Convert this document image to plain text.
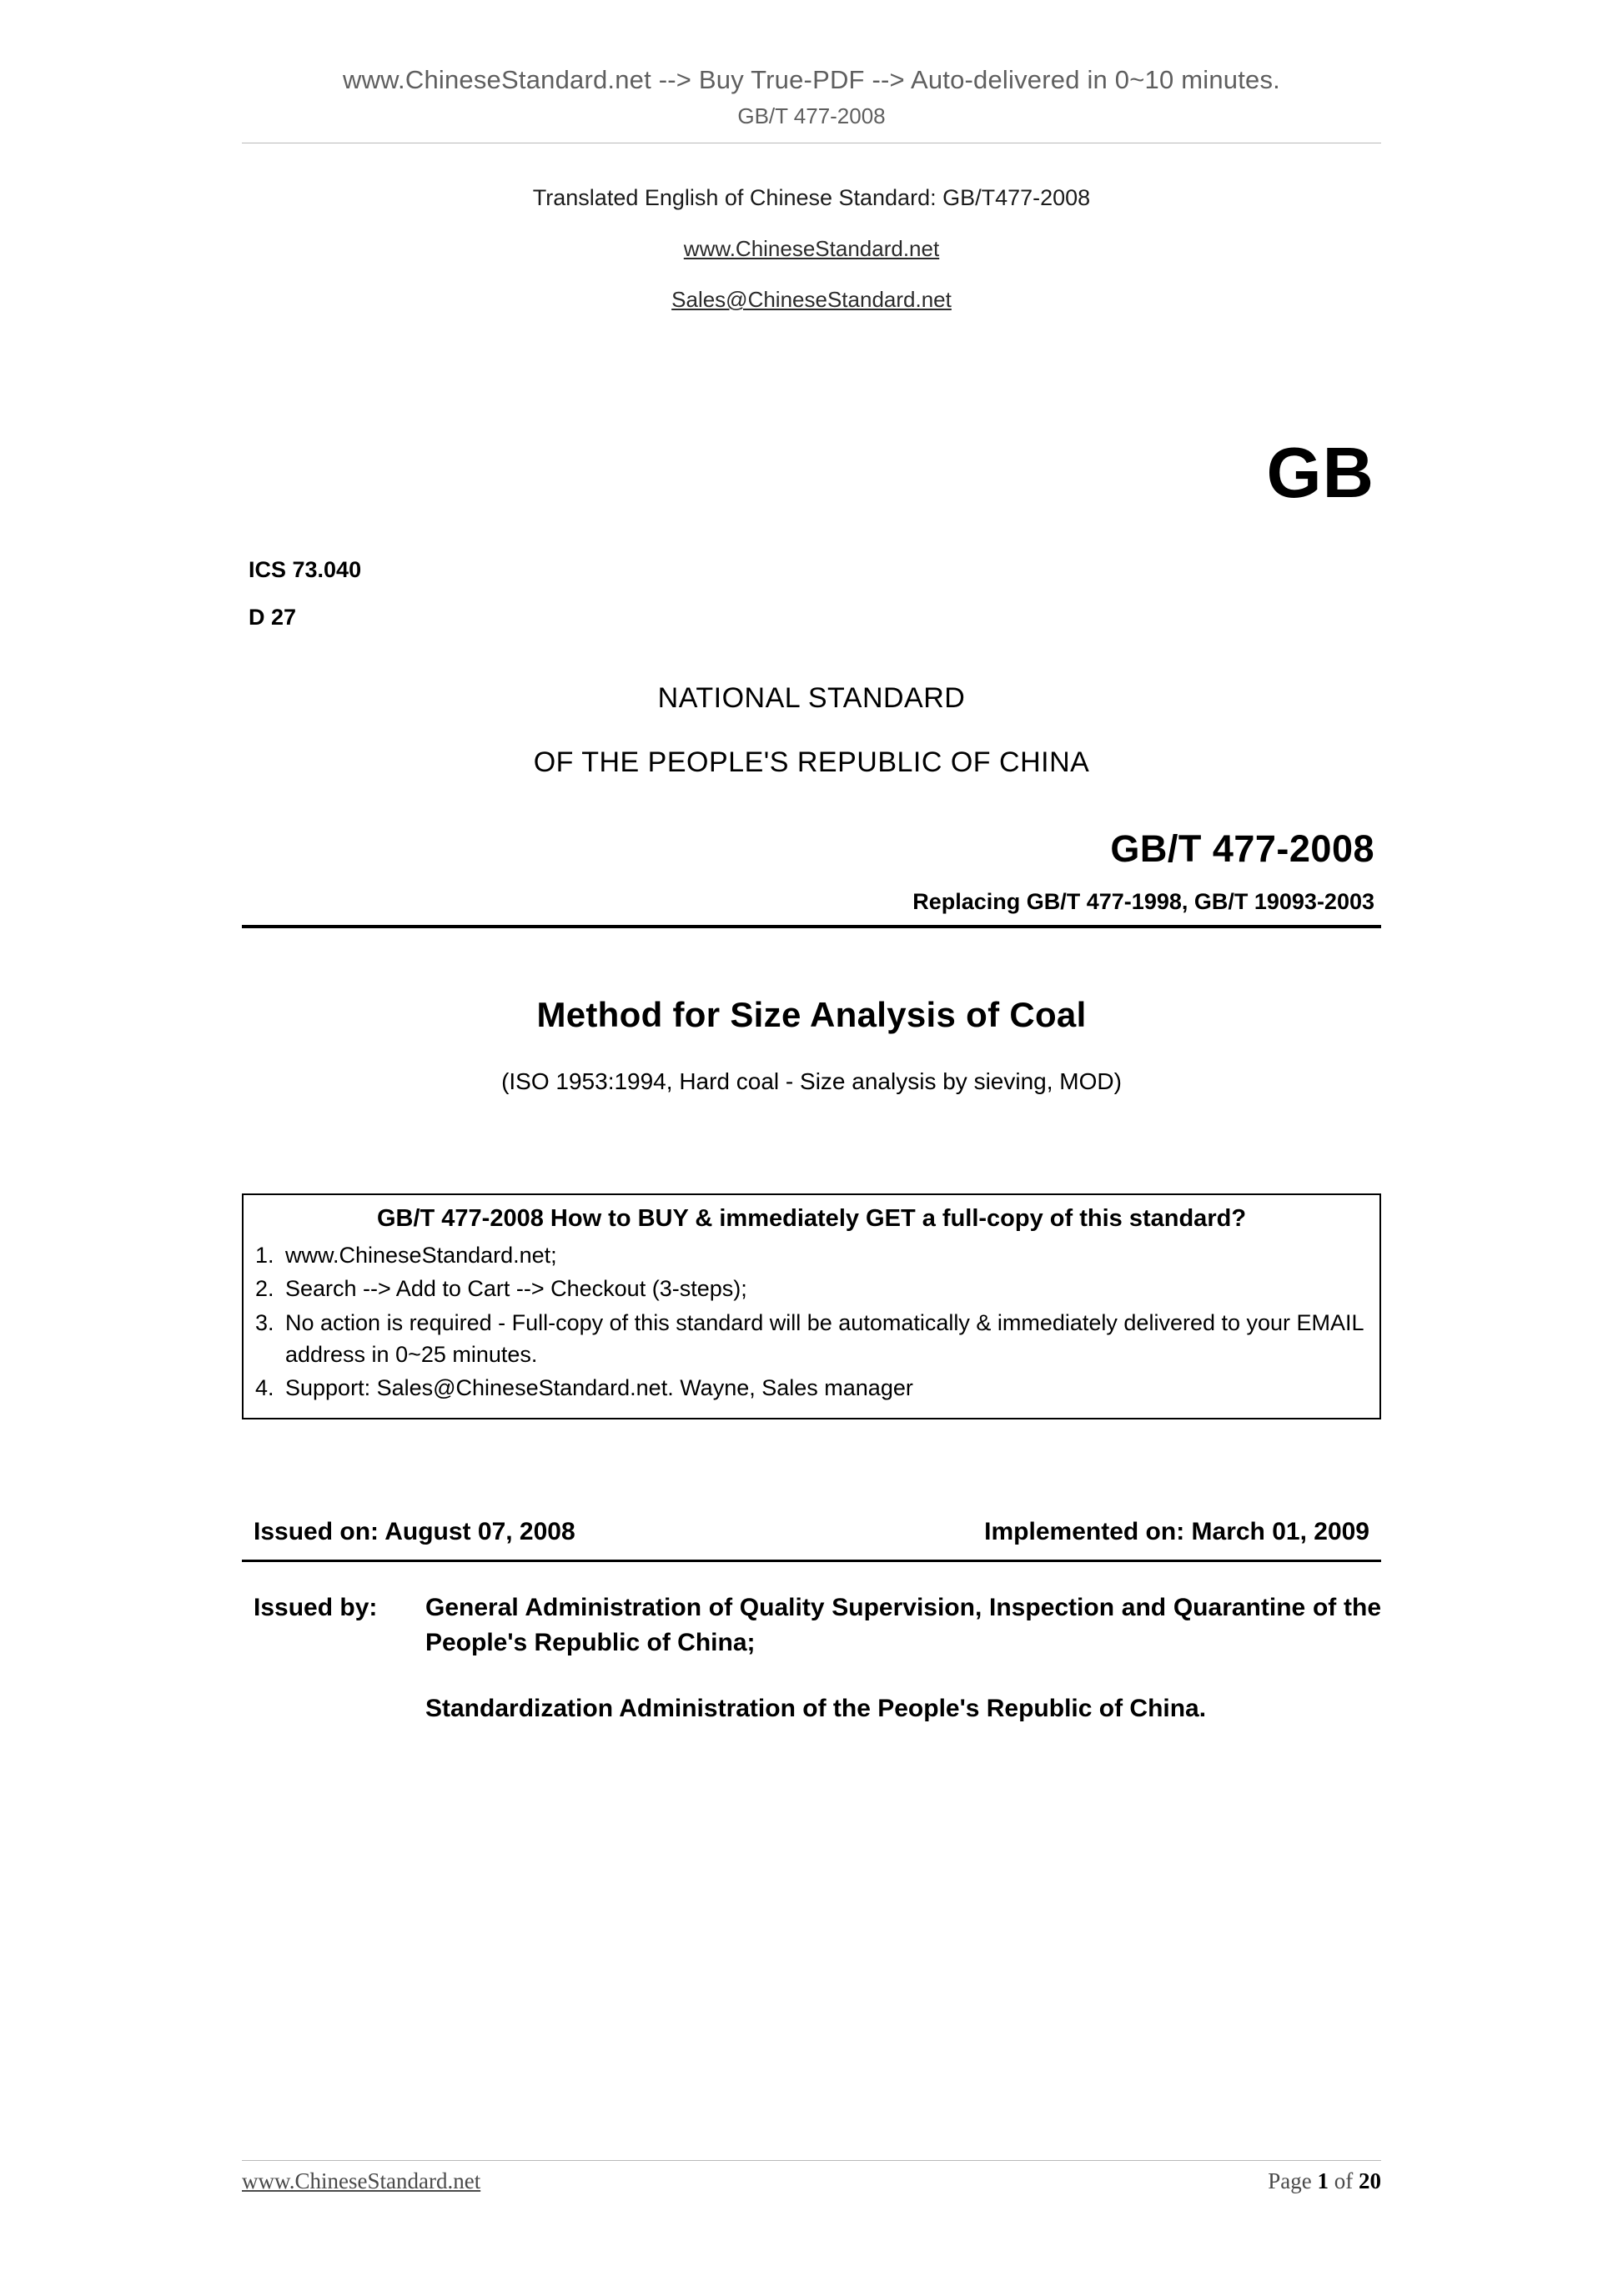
www.ChineseStandard.net --> Buy True-PDF --> Auto-delivered in 0~10 minutes.
GB/T 477-2008
Translated English of Chinese Standard: GB/T477-2008
www.ChineseStandard.net
Sales@ChineseStandard.net
GB
ICS 73.040
D 27
NATIONAL STANDARD
OF THE PEOPLE'S REPUBLIC OF CHINA
GB/T 477-2008
Replacing GB/T 477-1998, GB/T 19093-2003
Method for Size Analysis of Coal
(ISO 1953:1994, Hard coal - Size analysis by sieving, MOD)
GB/T 477-2008 How to BUY & immediately GET a full-copy of this standard?
1. www.ChineseStandard.net;
2. Search --> Add to Cart --> Checkout (3-steps);
3. No action is required - Full-copy of this standard will be automatically & immediately delivered to your EMAIL address in 0~25 minutes.
4. Support: Sales@ChineseStandard.net. Wayne, Sales manager
Issued on: August 07, 2008	Implemented on: March 01, 2009
Issued by:	General Administration of Quality Supervision, Inspection and Quarantine of the People's Republic of China;
Standardization Administration of the People's Republic of China.
www.ChineseStandard.net	Page 1 of 20
